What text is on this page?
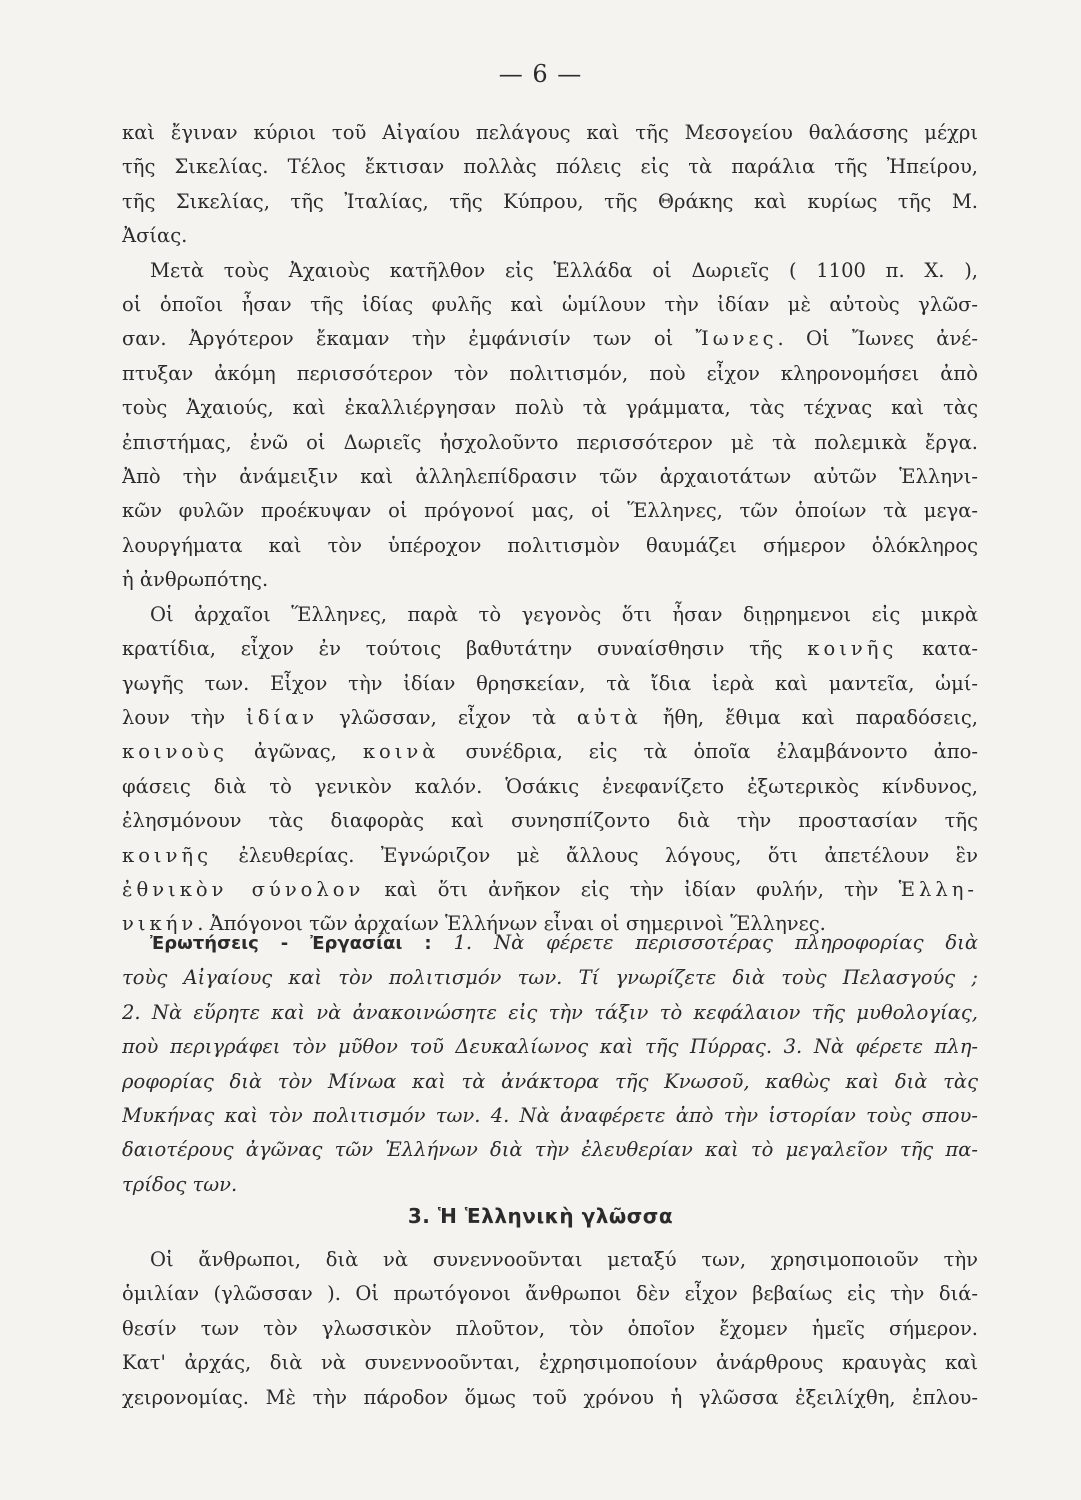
— 6 —
καὶ ἔγιναν κύριοι τοῦ Αἰγαίου πελάγους καὶ τῆς Μεσογείου θαλάσσης μέχρι
τῆς Σικελίας. Τέλος ἔκτισαν πολλὰς πόλεις εἰς τὰ παράλια τῆς Ἠπείρου,
τῆς Σικελίας, τῆς Ἰταλίας, τῆς Κύπρου, τῆς Θράκης καὶ κυρίως τῆς Μ.
Ἀσίας.
Μετὰ τοὺς Ἀχαιοὺς κατῆλθον εἰς Ἑλλάδα οἱ Δωριεῖς ( 1100 π. Χ. ),
οἱ ὁποῖοι ἦσαν τῆς ἰδίας φυλῆς καὶ ὡμίλουν τὴν ἰδίαν μὲ αὐτοὺς γλῶσ-
σαν. Ἀργότερον ἔκαμαν τὴν ἐμφάνισίν των οἱ Ἴωνες. Οἱ Ἴωνες ἀνέ-
πτυξαν ἀκόμη περισσότερον τὸν πολιτισμόν, ποὺ εἶχον κληρονομήσει ἀπὸ
τοὺς Ἀχαιούς, καὶ ἐκαλλιέργησαν πολὺ τὰ γράμματα, τὰς τέχνας καὶ τὰς
ἐπιστήμας, ἐνῶ οἱ Δωριεῖς ἠσχολοῦντο περισσότερον μὲ τὰ πολεμικὰ ἔργα.
Ἀπὸ τὴν ἀνάμειξιν καὶ ἀλληλεπίδρασιν τῶν ἀρχαιοτάτων αὐτῶν Ἑλληνι-
κῶν φυλῶν προέκυψαν οἱ πρόγονοί μας, οἱ Ἕλληνες, τῶν ὁποίων τὰ μεγα-
λουργήματα καὶ τὸν ὑπέροχον πολιτισμὸν θαυμάζει σήμερον ὁλόκληρος
ἡ ἀνθρωπότης.
Οἱ ἀρχαῖοι Ἕλληνες, παρὰ τὸ γεγονὸς ὅτι ἦσαν διῃρημενοι εἰς μικρὰ
κρατίδια, εἶχον ἐν τούτοις βαθυτάτην συναίσθησιν τῆς κοινῆς κατα-
γωγῆς των. Εἶχον τὴν ἰδίαν θρησκείαν, τὰ ἴδια ἱερὰ καὶ μαντεῖα, ὡμί-
λουν τὴν ἰδίαν γλῶσσαν, εἶχον τὰ αὐτὰ ἤθη, ἔθιμα καὶ παραδόσεις,
κοινοὺς ἀγῶνας, κοινὰ συνέδρια, εἰς τὰ ὁποῖα ἐλαμβάνοντο ἀπο-
φάσεις διὰ τὸ γενικὸν καλόν. Ὁσάκις ἐνεφανίζετο ἐξωτερικὸς κίνδυνος,
ἐλησμόνουν τὰς διαφορὰς καὶ συνησπίζοντο διὰ τὴν προστασίαν τῆς
κοινῆς ἐλευθερίας. Ἐγνώριζον μὲ ἄλλους λόγους, ὅτι ἀπετέλουν ἓν
ἐθνικὸν σύνολον καὶ ὅτι ἀνῆκον εἰς τὴν ἰδίαν φυλήν, τὴν Ἑλλη-
νικήν. Ἀπόγονοι τῶν ἀρχαίων Ἑλλήνων εἶναι οἱ σημερινοὶ Ἕλληνες.
Ἐρωτήσεις - Ἐργασίαι : 1. Νὰ φέρετε περισσοτέρας πληροφορίας διὰ
τοὺς Αἰγαίους καὶ τὸν πολιτισμόν των. Τί γνωρίζετε διὰ τοὺς Πελασγούς ;
2. Νὰ εὕρητε καὶ νὰ ἀνακοινώσητε εἰς τὴν τάξιν τὸ κεφάλαιον τῆς μυθολογίας,
ποὺ περιγράφει τὸν μῦθον τοῦ Δευκαλίωνος καὶ τῆς Πύρρας. 3. Νὰ φέρετε πλη-
ροφορίας διὰ τὸν Μίνωα καὶ τὰ ἀνάκτορα τῆς Κνωσοῦ, καθὼς καὶ διὰ τὰς
Μυκήνας καὶ τὸν πολιτισμόν των. 4. Νὰ ἀναφέρετε ἀπὸ τὴν ἱστορίαν τοὺς σπου-
δαιοτέρους ἀγῶνας τῶν Ἑλλήνων διὰ τὴν ἐλευθερίαν καὶ τὸ μεγαλεῖον τῆς πα-
τρίδος των.
3. Ἡ Ἑλληνικὴ γλῶσσα
Οἱ ἄνθρωποι, διὰ νὰ συνεννοοῦνται μεταξύ των, χρησιμοποιοῦν τὴν
ὁμιλίαν (γλῶσσαν ). Οἱ πρωτόγονοι ἄνθρωποι δὲν εἶχον βεβαίως εἰς τὴν διά-
θεσίν των τὸν γλωσσικὸν πλοῦτον, τὸν ὁποῖον ἔχομεν ἡμεῖς σήμερον.
Κατ' ἀρχάς, διὰ νὰ συνεννοοῦνται, ἐχρησιμοποίουν ἀνάρθρους κραυγὰς καὶ
χειρονομίας. Μὲ τὴν πάροδον ὅμως τοῦ χρόνου ἡ γλῶσσα ἐξειλίχθη, ἐπλου-
